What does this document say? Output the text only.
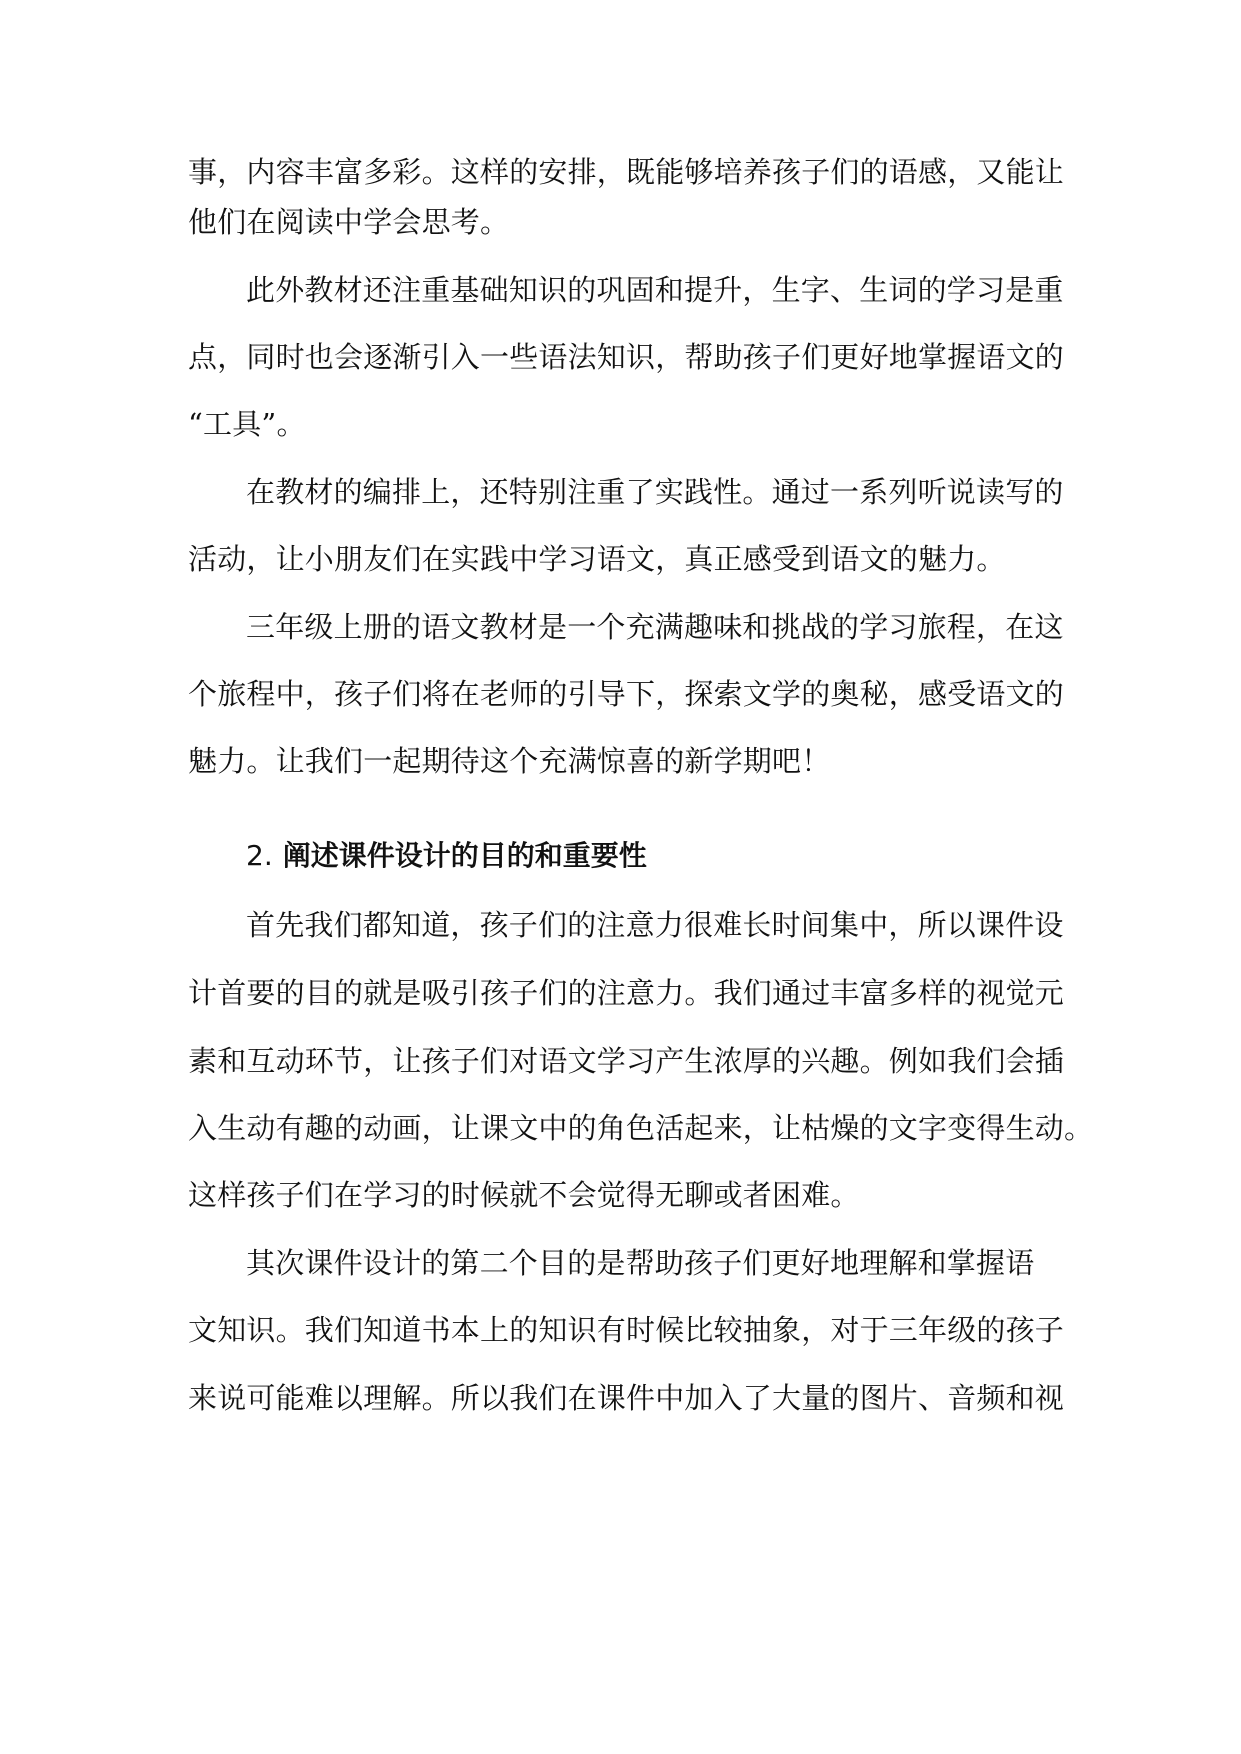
事，内容丰富多彩。这样的安排，既能够培养孩子们的语感，又能让
他们在阅读中学会思考。
此外教材还注重基础知识的巩固和提升，生字、生词的学习是重
点，同时也会逐渐引入一些语法知识，帮助孩子们更好地掌握语文的
“工具”。
在教材的编排上，还特别注重了实践性。通过一系列听说读写的
活动，让小朋友们在实践中学习语文，真正感受到语文的魅力。
三年级上册的语文教材是一个充满趣味和挑战的学习旅程，在这
个旅程中，孩子们将在老师的引导下，探索文学的奥秘，感受语文的
魅力。让我们一起期待这个充满惊喜的新学期吧！
2. 阐述课件设计的目的和重要性
首先我们都知道，孩子们的注意力很难长时间集中，所以课件设
计首要的目的就是吸引孩子们的注意力。我们通过丰富多样的视觉元
素和互动环节，让孩子们对语文学习产生浓厚的兴趣。例如我们会插
入生动有趣的动画，让课文中的角色活起来，让枯燥的文字变得生动。
这样孩子们在学习的时候就不会觉得无聊或者困难。
其次课件设计的第二个目的是帮助孩子们更好地理解和掌握语
文知识。我们知道书本上的知识有时候比较抽象，对于三年级的孩子
来说可能难以理解。所以我们在课件中加入了大量的图片、音频和视
